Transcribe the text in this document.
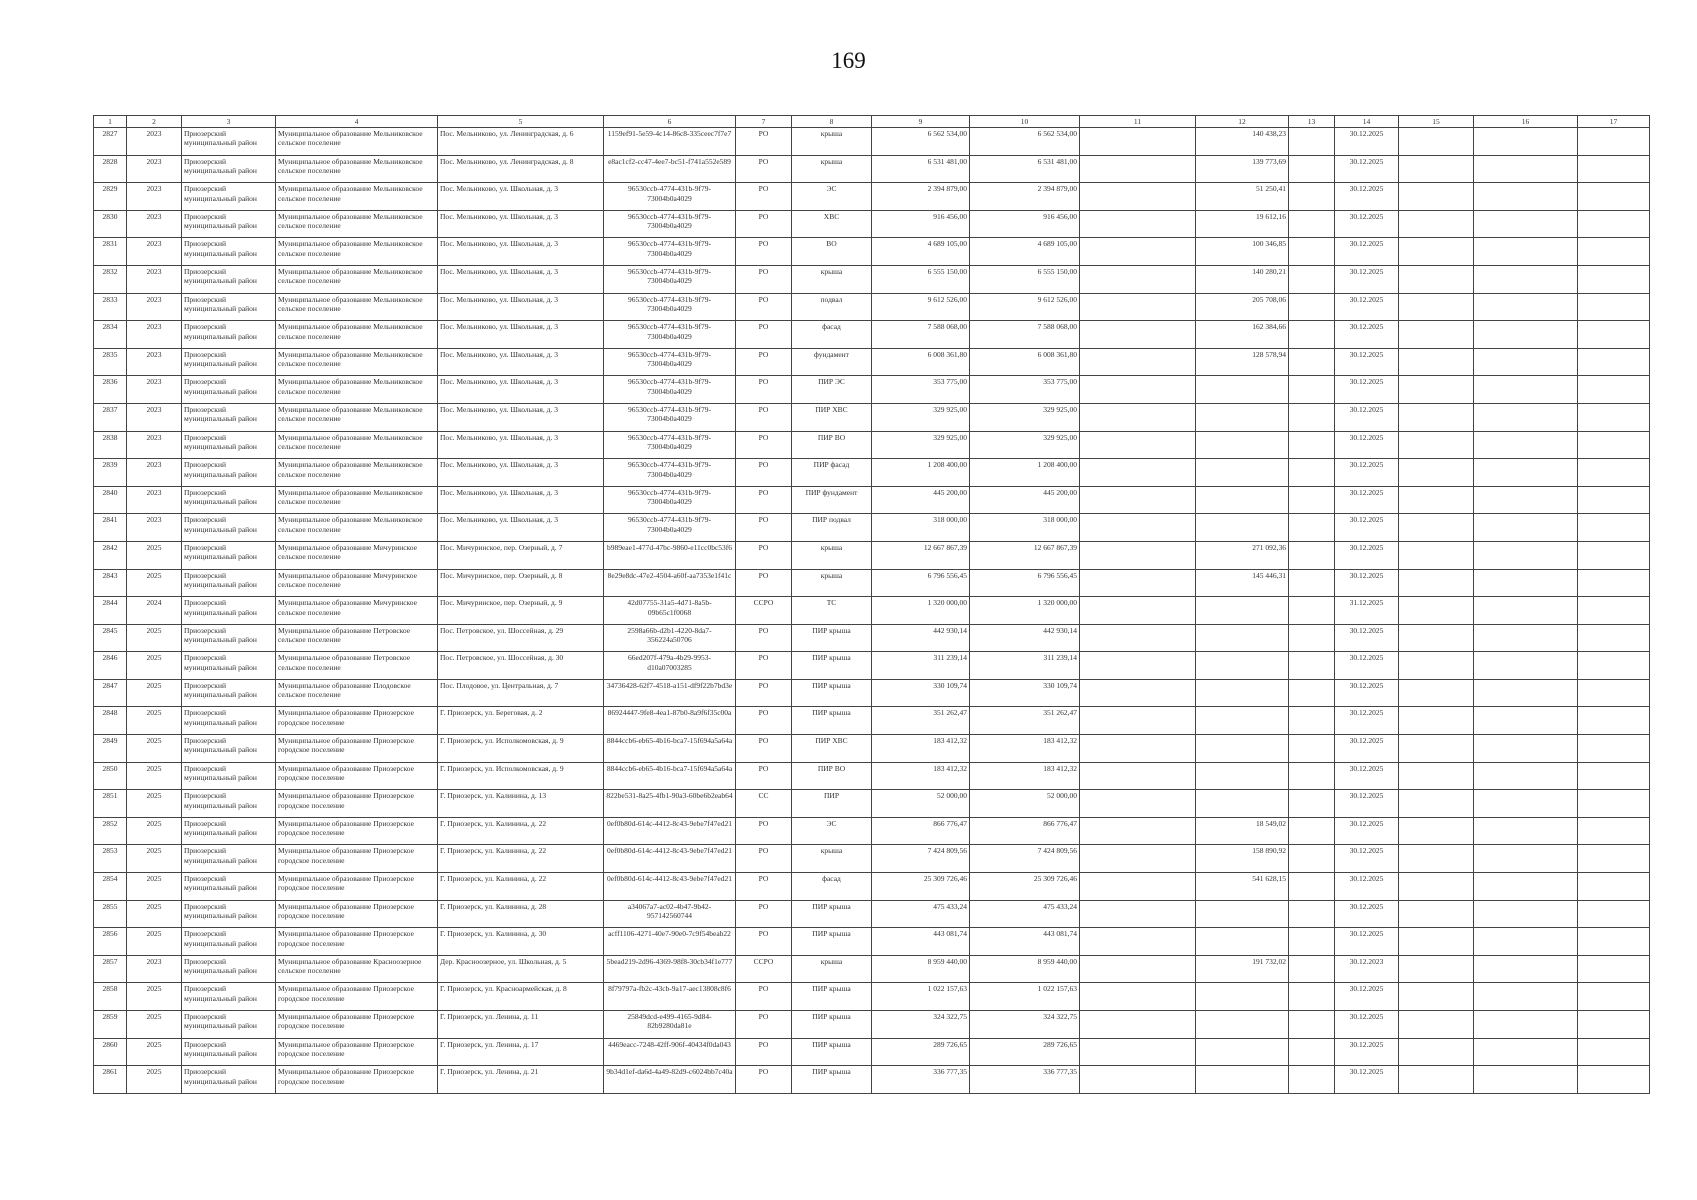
169
1	2	3	4	5	6	7	8	9	10	11	12	13	14	15	16	17
2827	2023	Приозерский муниципальный район	Муниципальное образование Мельниковское сельское поселение	Пос. Мельниково, ул. Ленинградская, д. 6	1159ef91-5e59-4c14-86c8-335ceec7f7e7	РО	крыша	6 562 534,00	6 562 534,00		140 438,23		30.12.2025			
2828	2023	Приозерский муниципальный район	Муниципальное образование Мельниковское сельское поселение	Пос. Мельниково, ул. Ленинградская, д. 8	e8ac1cf2-cc47-4ee7-bc51-f741a552e589	РО	крыша	6 531 481,00	6 531 481,00		139 773,69		30.12.2025			
2829	2023	Приозерский муниципальный район	Муниципальное образование Мельниковское сельское поселение	Пос. Мельниково, ул. Школьная, д. 3	96530ccb-4774-431b-9f79-73004b0a4029	РО	ЭС	2 394 879,00	2 394 879,00		51 250,41		30.12.2025			
2830	2023	Приозерский муниципальный район	Муниципальное образование Мельниковское сельское поселение	Пос. Мельниково, ул. Школьная, д. 3	96530ccb-4774-431b-9f79-73004b0a4029	РО	ХВС	916 456,00	916 456,00		19 612,16		30.12.2025			
2831	2023	Приозерский муниципальный район	Муниципальное образование Мельниковское сельское поселение	Пос. Мельниково, ул. Школьная, д. 3	96530ccb-4774-431b-9f79-73004b0a4029	РО	ВО	4 689 105,00	4 689 105,00		100 346,85		30.12.2025			
2832	2023	Приозерский муниципальный район	Муниципальное образование Мельниковское сельское поселение	Пос. Мельниково, ул. Школьная, д. 3	96530ccb-4774-431b-9f79-73004b0a4029	РО	крыша	6 555 150,00	6 555 150,00		140 280,21		30.12.2025			
2833	2023	Приозерский муниципальный район	Муниципальное образование Мельниковское сельское поселение	Пос. Мельниково, ул. Школьная, д. 3	96530ccb-4774-431b-9f79-73004b0a4029	РО	подвал	9 612 526,00	9 612 526,00		205 708,06		30.12.2025			
2834	2023	Приозерский муниципальный район	Муниципальное образование Мельниковское сельское поселение	Пос. Мельниково, ул. Школьная, д. 3	96530ccb-4774-431b-9f79-73004b0a4029	РО	фасад	7 588 068,00	7 588 068,00		162 384,66		30.12.2025			
2835	2023	Приозерский муниципальный район	Муниципальное образование Мельниковское сельское поселение	Пос. Мельниково, ул. Школьная, д. 3	96530ccb-4774-431b-9f79-73004b0a4029	РО	фундамент	6 008 361,80	6 008 361,80		128 578,94		30.12.2025			
2836	2023	Приозерский муниципальный район	Муниципальное образование Мельниковское сельское поселение	Пос. Мельниково, ул. Школьная, д. 3	96530ccb-4774-431b-9f79-73004b0a4029	РО	ПИР ЭС	353 775,00	353 775,00				30.12.2025			
2837	2023	Приозерский муниципальный район	Муниципальное образование Мельниковское сельское поселение	Пос. Мельниково, ул. Школьная, д. 3	96530ccb-4774-431b-9f79-73004b0a4029	РО	ПИР ХВС	329 925,00	329 925,00				30.12.2025			
2838	2023	Приозерский муниципальный район	Муниципальное образование Мельниковское сельское поселение	Пос. Мельниково, ул. Школьная, д. 3	96530ccb-4774-431b-9f79-73004b0a4029	РО	ПИР ВО	329 925,00	329 925,00				30.12.2025			
2839	2023	Приозерский муниципальный район	Муниципальное образование Мельниковское сельское поселение	Пос. Мельниково, ул. Школьная, д. 3	96530ccb-4774-431b-9f79-73004b0a4029	РО	ПИР фасад	1 208 400,00	1 208 400,00				30.12.2025			
2840	2023	Приозерский муниципальный район	Муниципальное образование Мельниковское сельское поселение	Пос. Мельниково, ул. Школьная, д. 3	96530ccb-4774-431b-9f79-73004b0a4029	РО	ПИР фундамент	445 200,00	445 200,00				30.12.2025			
2841	2023	Приозерский муниципальный район	Муниципальное образование Мельниковское сельское поселение	Пос. Мельниково, ул. Школьная, д. 3	96530ccb-4774-431b-9f79-73004b0a4029	РО	ПИР подвал	318 000,00	318 000,00				30.12.2025			
2842	2025	Приозерский муниципальный район	Муниципальное образование Мичуринское сельское поселение	Пос. Мичуринское, пер. Озерный, д. 7	b989eae1-477d-47bc-9860-e11cc0bc53f6	РО	крыша	12 667 867,39	12 667 867,39		271 092,36		30.12.2025			
2843	2025	Приозерский муниципальный район	Муниципальное образование Мичуринское сельское поселение	Пос. Мичуринское, пер. Озерный, д. 8	8e29e8dc-47e2-4504-a60f-aa7353e1f41c	РО	крыша	6 796 556,45	6 796 556,45		145 446,31		30.12.2025			
2844	2024	Приозерский муниципальный район	Муниципальное образование Мичуринское сельское поселение	Пос. Мичуринское, пер. Озерный, д. 9	42d07755-31a5-4d71-8a5b-09b65c1f0068	ССРО	ТС	1 320 000,00	1 320 000,00				31.12.2025			
2845	2025	Приозерский муниципальный район	Муниципальное образование Петровское сельское поселение	Пос. Петровское, ул. Шоссейная, д. 29	2598a66b-d2b1-4220-8da7-356224a50706	РО	ПИР крыша	442 930,14	442 930,14				30.12.2025			
2846	2025	Приозерский муниципальный район	Муниципальное образование Петровское сельское поселение	Пос. Петровское, ул. Шоссейная, д. 30	66ed207f-479a-4b29-9953-d10a07003285	РО	ПИР крыша	311 239,14	311 239,14				30.12.2025			
2847	2025	Приозерский муниципальный район	Муниципальное образование Плодовское сельское поселение	Пос. Плодовое, ул. Центральная, д. 7	34736428-62f7-4518-a151-df9f22b7bd3e	РО	ПИР крыша	330 109,74	330 109,74				30.12.2025			
2848	2025	Приозерский муниципальный район	Муниципальное образование Приозерское городское поселение	Г. Приозерск, ул. Береговая, д. 2	86924447-9fe8-4ea1-87b0-8a9f6f35c00a	РО	ПИР крыша	351 262,47	351 262,47				30.12.2025			
2849	2025	Приозерский муниципальный район	Муниципальное образование Приозерское городское поселение	Г. Приозерск, ул. Исполкомовская, д. 9	8844ccb6-eb65-4b16-bca7-15f694a5a64a	РО	ПИР ХВС	183 412,32	183 412,32				30.12.2025			
2850	2025	Приозерский муниципальный район	Муниципальное образование Приозерское городское поселение	Г. Приозерск, ул. Исполкомовская, д. 9	8844ccb6-eb65-4b16-bca7-15f694a5a64a	РО	ПИР ВО	183 412,32	183 412,32				30.12.2025			
2851	2025	Приозерский муниципальный район	Муниципальное образование Приозерское городское поселение	Г. Приозерск, ул. Калинина, д. 13	822be531-8a25-4fb1-90a3-60be6b2eab64	СС	ПИР	52 000,00	52 000,00				30.12.2025			
2852	2025	Приозерский муниципальный район	Муниципальное образование Приозерское городское поселение	Г. Приозерск, ул. Калинина, д. 22	0ef0b80d-614c-4412-8c43-9ebe7f47ed21	РО	ЭС	866 776,47	866 776,47		18 549,02		30.12.2025			
2853	2025	Приозерский муниципальный район	Муниципальное образование Приозерское городское поселение	Г. Приозерск, ул. Калинина, д. 22	0ef0b80d-614c-4412-8c43-9ebe7f47ed21	РО	крыша	7 424 809,56	7 424 809,56		158 890,92		30.12.2025			
2854	2025	Приозерский муниципальный район	Муниципальное образование Приозерское городское поселение	Г. Приозерск, ул. Калинина, д. 22	0ef0b80d-614c-4412-8c43-9ebe7f47ed21	РО	фасад	25 309 726,46	25 309 726,46		541 628,15		30.12.2025			
2855	2025	Приозерский муниципальный район	Муниципальное образование Приозерское городское поселение	Г. Приозерск, ул. Калинина, д. 28	a34067a7-ac02-4b47-9b42-957142560744	РО	ПИР крыша	475 433,24	475 433,24				30.12.2025			
2856	2025	Приозерский муниципальный район	Муниципальное образование Приозерское городское поселение	Г. Приозерск, ул. Калинина, д. 30	acff1106-4271-40e7-90e0-7c9f54beab22	РО	ПИР крыша	443 081,74	443 081,74				30.12.2025			
2857	2023	Приозерский муниципальный район	Муниципальное образование Красноозерное сельское поселение	Дер. Красноозерное, ул. Школьная, д. 5	5bead219-2d96-4369-98f8-30cb34f1e777	ССРО	крыша	8 959 440,00	8 959 440,00		191 732,02		30.12.2023			
2858	2025	Приозерский муниципальный район	Муниципальное образование Приозерское городское поселение	Г. Приозерск, ул. Красноармейская, д. 8	8f79797a-fb2c-43cb-9a17-aec13808c8f6	РО	ПИР крыша	1 022 157,63	1 022 157,63				30.12.2025			
2859	2025	Приозерский муниципальный район	Муниципальное образование Приозерское городское поселение	Г. Приозерск, ул. Ленина, д. 11	25849dcd-e499-4165-9d84-82b9280da81e	РО	ПИР крыша	324 322,75	324 322,75				30.12.2025			
2860	2025	Приозерский муниципальный район	Муниципальное образование Приозерское городское поселение	Г. Приозерск, ул. Ленина, д. 17	4469eacc-7248-42ff-906f-40434f0da043	РО	ПИР крыша	289 726,65	289 726,65				30.12.2025			
2861	2025	Приозерский муниципальный район	Муниципальное образование Приозерское городское поселение	Г. Приозерск, ул. Ленина, д. 21	9b34d1ef-da6d-4a49-82d9-c6024bb7c40a	РО	ПИР крыша	336 777,35	336 777,35				30.12.2025			
